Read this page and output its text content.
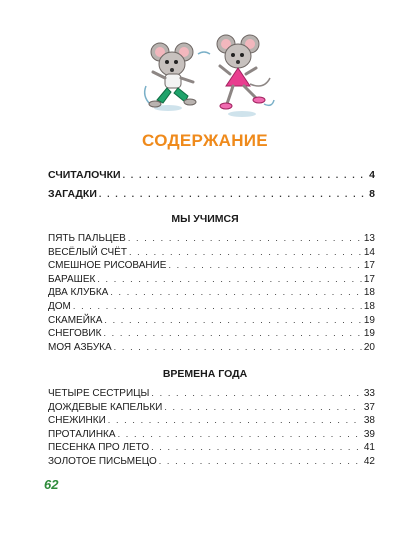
СОДЕРЖАНИЕ
СЧИТАЛОЧКИ . . .	4
ЗАГАДКИ . . .	8
МЫ УЧИМСЯ
ПЯТЬ ПАЛЬЦЕВ . . .	13
ВЕСЁЛЫЙ СЧЁТ . . .	14
СМЕШНОЕ РИСОВАНИЕ . . .	17
БАРАШЕК . . .	17
ДВА КЛУБКА . . .	18
ДОМ . . .	18
СКАМЕЙКА . . .	19
СНЕГОВИК . . .	19
МОЯ АЗБУКА . . .	20
ВРЕМЕНА ГОДА
ЧЕТЫРЕ СЕСТРИЦЫ . . .	33
ДОЖДЕВЫЕ КАПЕЛЬКИ . . .	37
СНЕЖИНКИ . . .	38
ПРОТАЛИНКА . . .	39
ПЕСЕНКА ПРО ЛЕТО . . .	41
ЗОЛОТОЕ ПИСЬМЕЦО . . .	42
62
